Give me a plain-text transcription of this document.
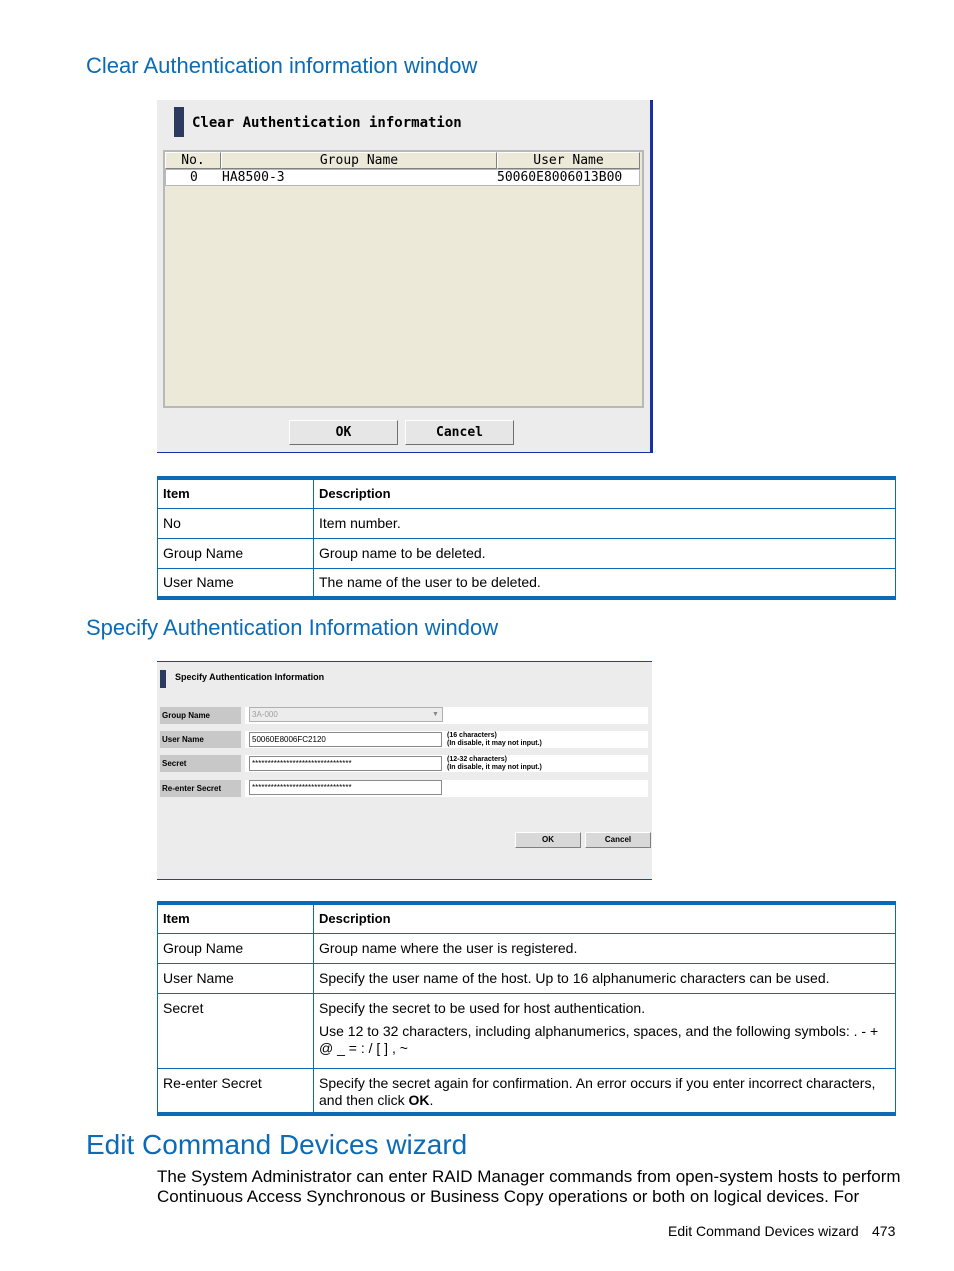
Clear Authentication information window
Clear Authentication information
No.	Group Name	User Name
0 HA8500-3	50060E8006013B00
OK	Cancel
Item	Description
No	Item number.
Group Name	Group name to be deleted.
User Name	The name of the user to be deleted.
Specify Authentication Information window
Specify Authentication Information
Group Name	3A-000	▼
User Name	50060E8006FC2120	(16 characters)
(In disable, it may not input.)
Secret	********************************	(12-32 characters)
(In disable, it may not input.)
Re-enter Secret	********************************
OK	Cancel
Item	Description
Group Name	Group name where the user is registered.
User Name	Specify the user name of the host. Up to 16 alphanumeric characters can be used.
Secret	Specify the secret to be used for host authentication.

Use 12 to 32 characters, including alphanumerics, spaces, and the following symbols: . - + @ _ = : / [ ] , ~

Re-enter Secret	Specify the secret again for confirmation. An error occurs if you enter incorrect characters, and then click OK.
Edit Command Devices wizard
The System Administrator can enter RAID Manager commands from open-system hosts to perform Continuous Access Synchronous or Business Copy operations or both on logical devices. For
Edit Command Devices wizard 473
